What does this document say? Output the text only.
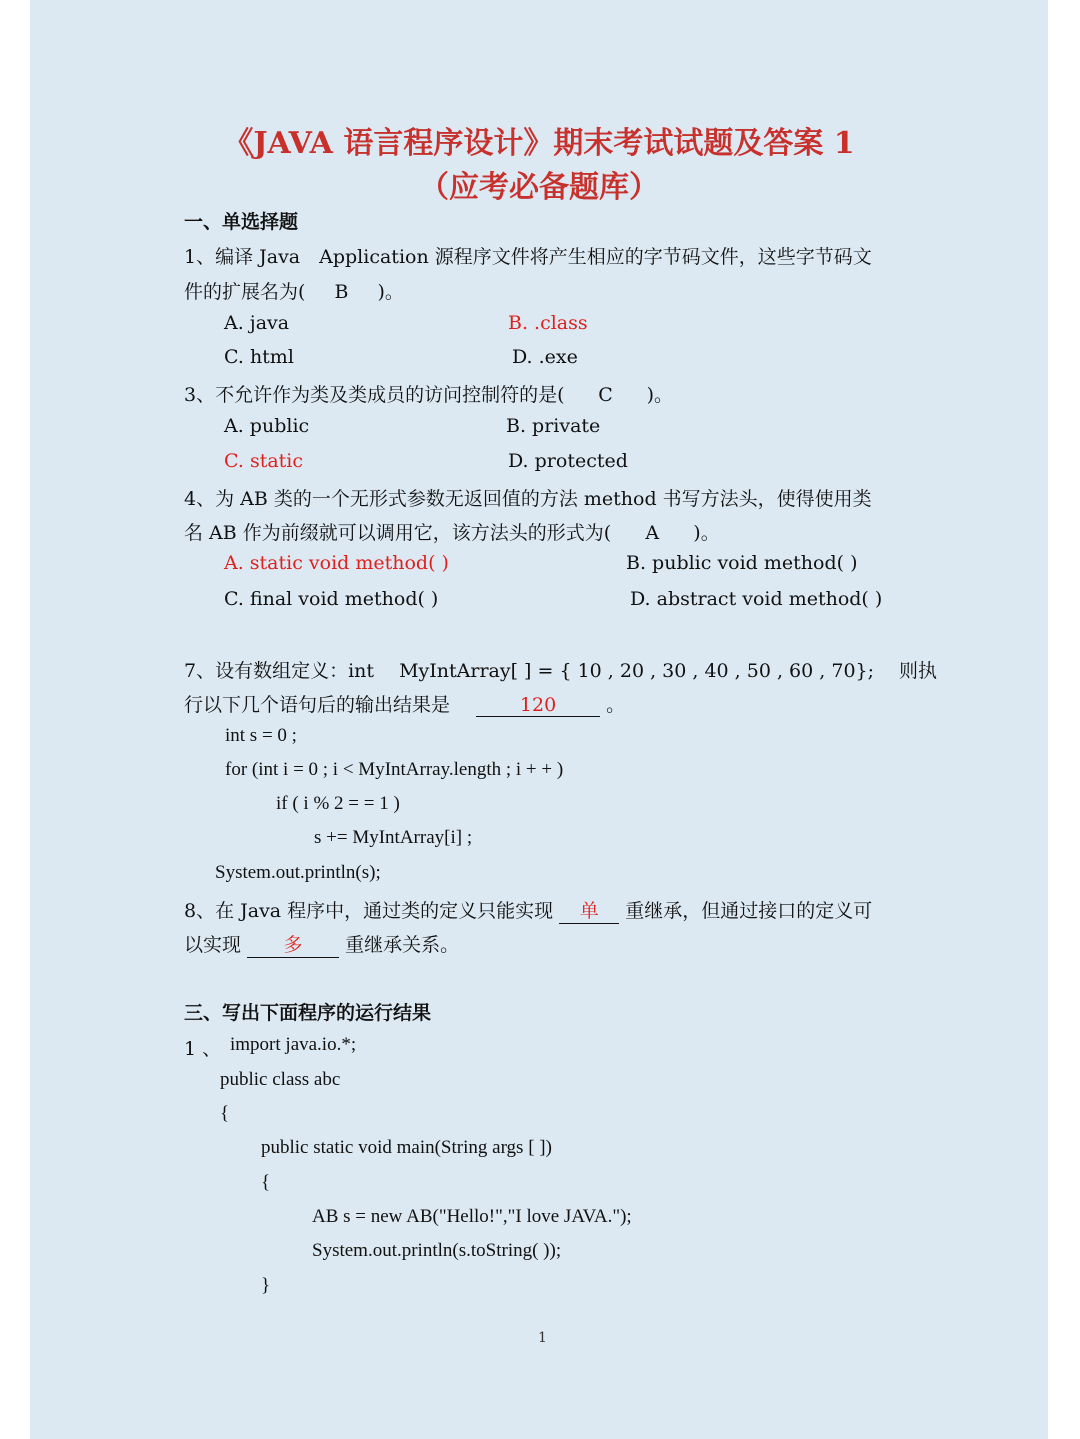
《JAVA 语言程序设计》期末考试试题及答案 1
（应考必备题库）
一、单选择题
1、编译 Java　Application 源程序文件将产生相应的字节码文件，这些字节码文
件的扩展名为( B )。
A. java	B. .class
C. html	D. .exe
3、不允许作为类及类成员的访问控制符的是( C )。
A. public	B. private
C. static	D. protected
4、为 AB 类的一个无形式参数无返回值的方法 method 书写方法头，使得使用类
名 AB 作为前缀就可以调用它，该方法头的形式为( A )。
A. static void method( )	B. public void method( )
C. final void method( )	D. abstract void method( )
7、设有数组定义：int　 MyIntArray[ ] = { 10 , 20 , 30 , 40 , 50 , 60 , 70};　 则执
行以下几个语句后的输出结果是	120	。
int s = 0 ;
for (int i = 0 ; i < MyIntArray.length ; i + + )
if ( i % 2 = = 1 )
s += MyIntArray[i] ;
System.out.println(s);
8、在 Java 程序中，通过类的定义只能实现 单 重继承，但通过接口的定义可
以实现 多 重继承关系。
三、写出下面程序的运行结果
1 、 import java.io.*;
public class abc
{
public static void main(String args [ ])
{
AB s = new AB("Hello!","I love JAVA.");
System.out.println(s.toString( ));
}
1
